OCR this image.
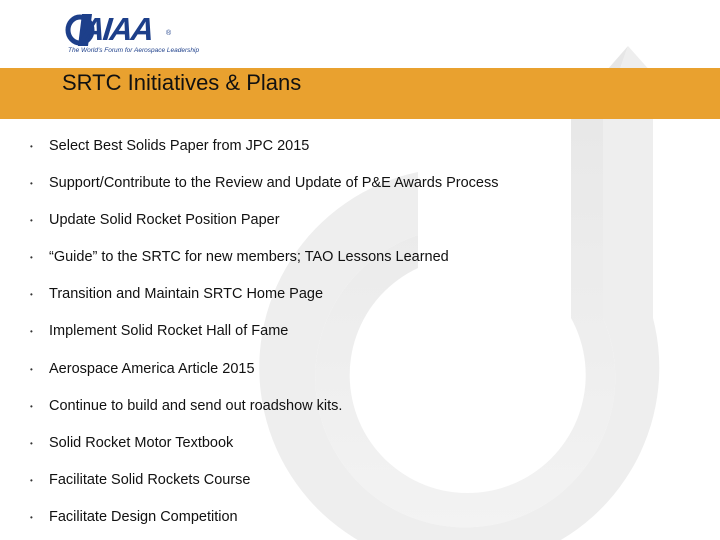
AIAA ®
The World's Forum for Aerospace Leadership
SRTC Initiatives & Plans
• Select Best Solids Paper from JPC 2015
• Support/Contribute to the Review and Update of P&E Awards Process
• Update Solid Rocket Position Paper
• “Guide” to the SRTC for new members; TAO Lessons Learned
• Transition and Maintain SRTC Home Page
• Implement Solid Rocket Hall of Fame
• Aerospace America Article 2015
• Continue to build and send out roadshow kits.
• Solid Rocket Motor Textbook
• Facilitate Solid Rockets Course
• Facilitate Design Competition
